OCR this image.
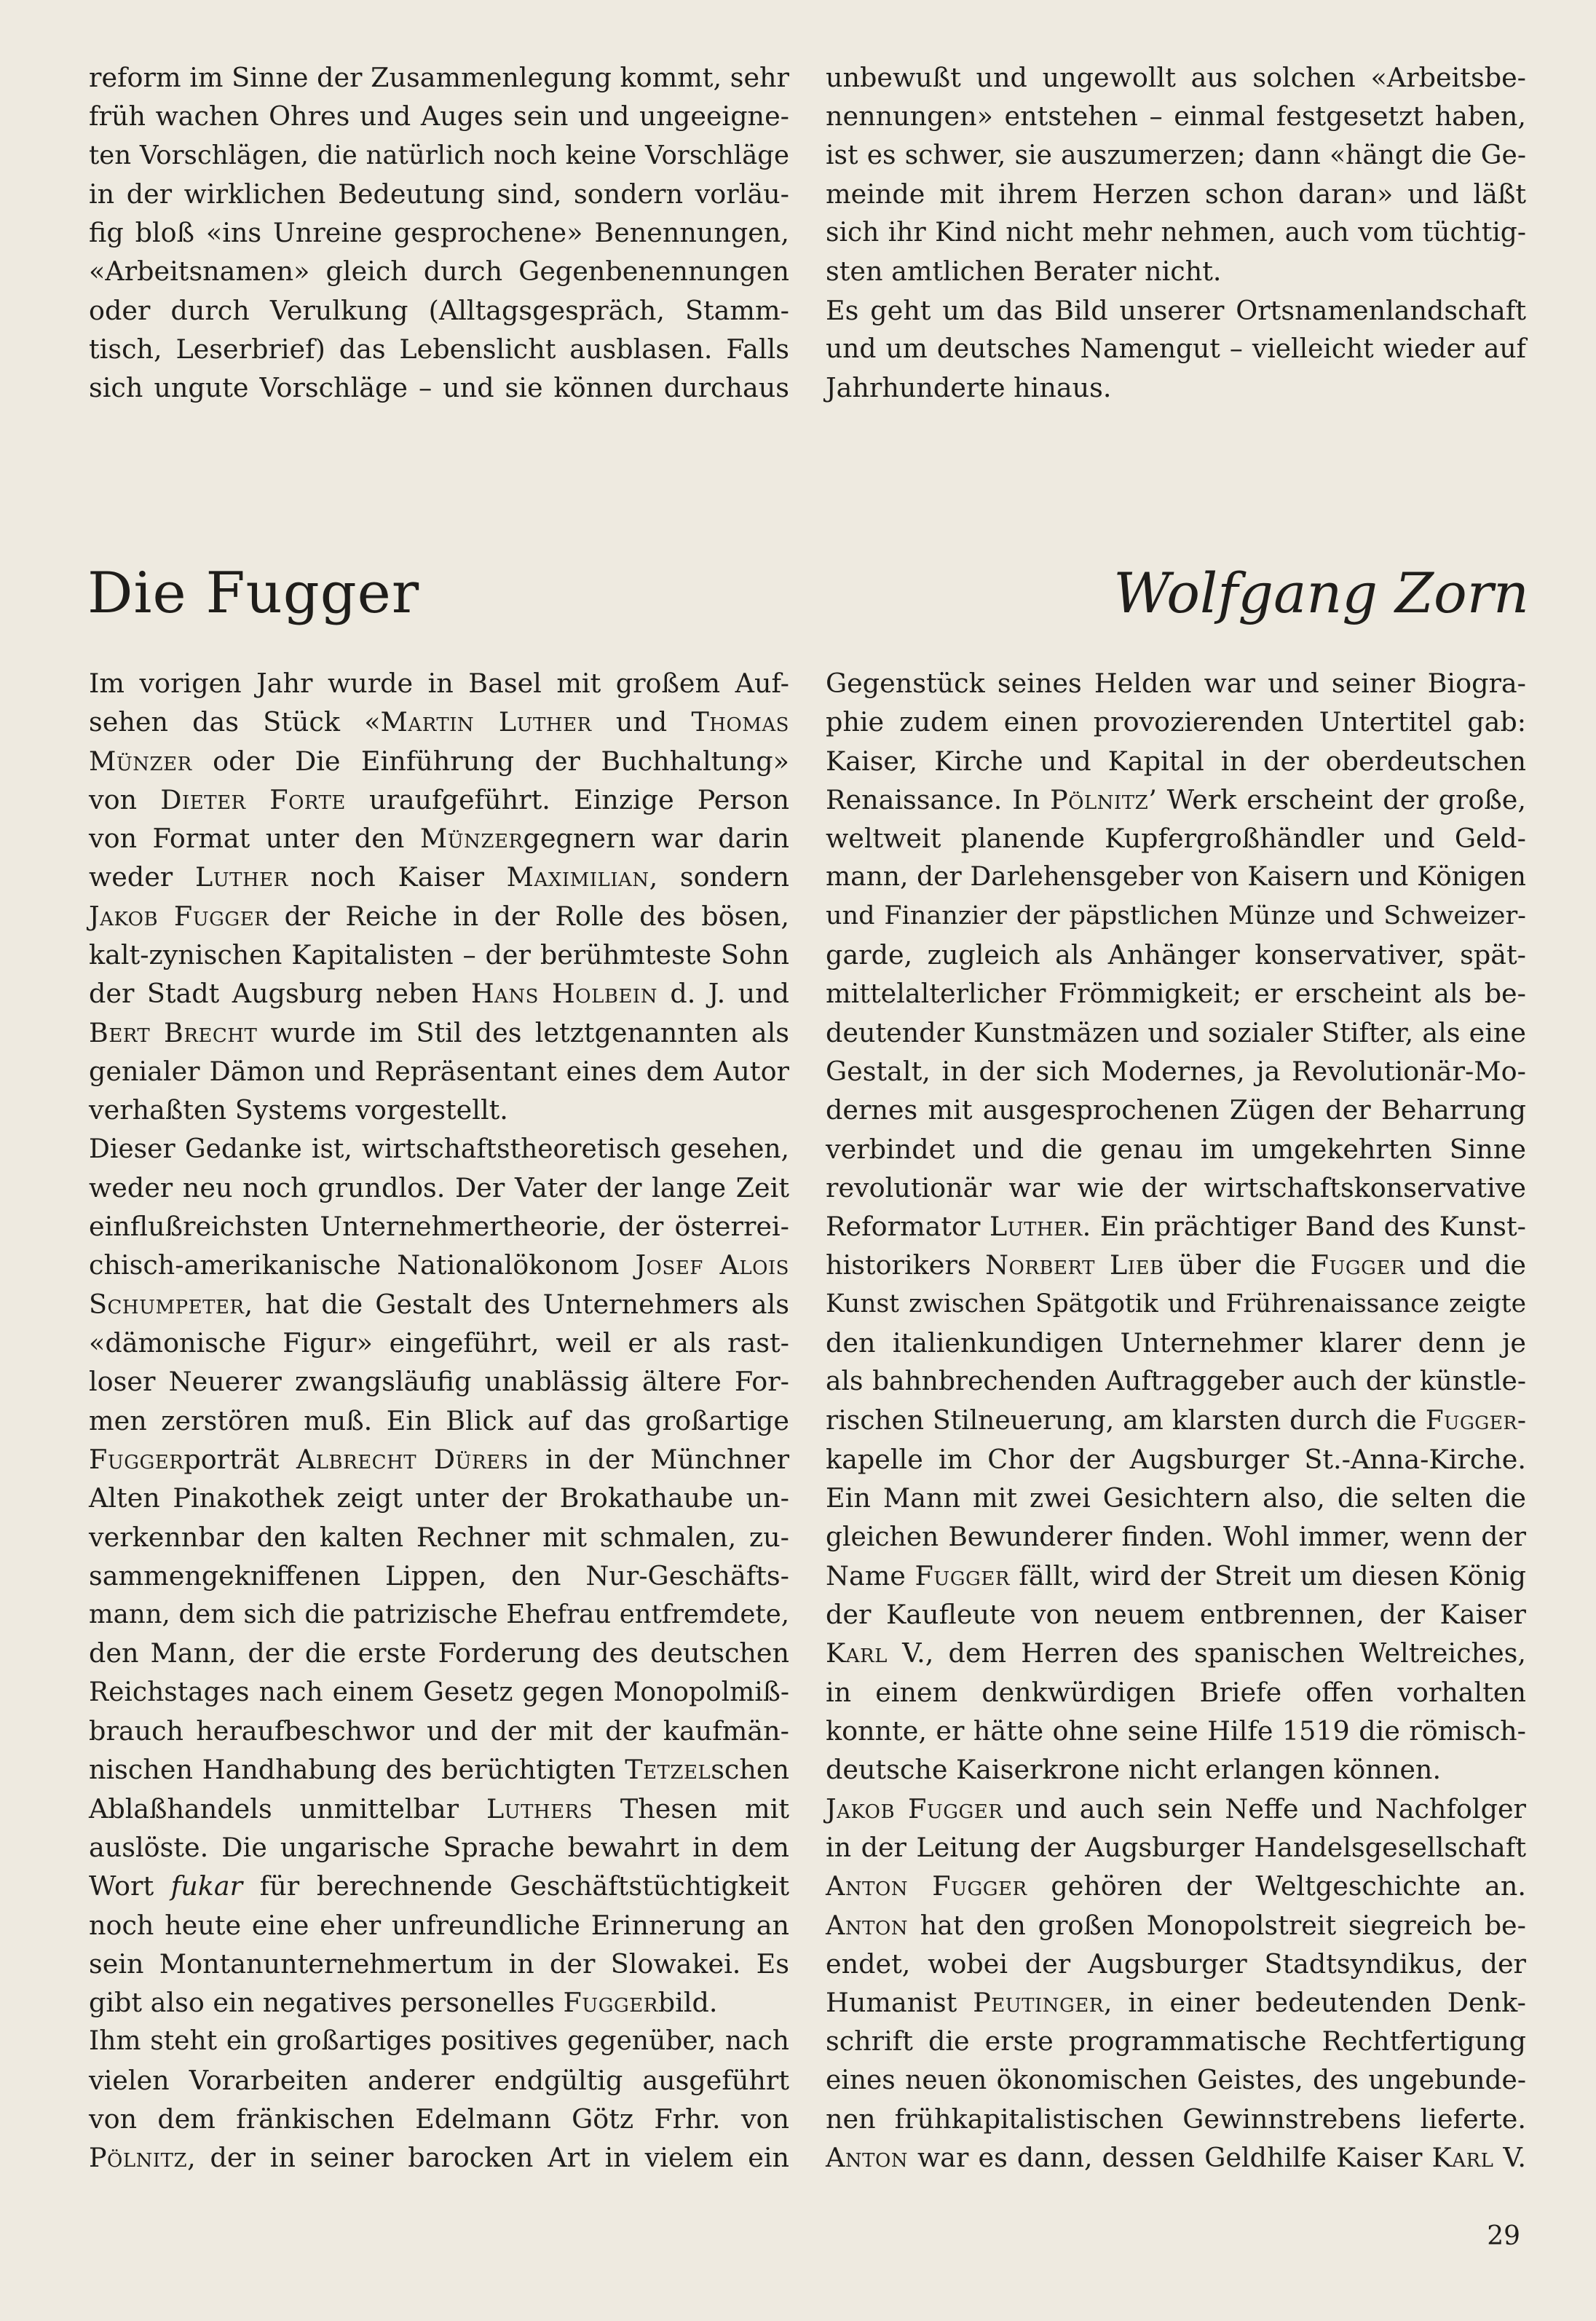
reform im Sinne der Zusammenlegung kommt, sehr
früh wachen Ohres und Auges sein und ungeeigne-
ten Vorschlägen, die natürlich noch keine Vorschläge
in der wirklichen Bedeutung sind, sondern vorläu-
fig bloß «ins Unreine gesprochene» Benennungen,
«Arbeitsnamen» gleich durch Gegenbenennungen
oder durch Verulkung (Alltagsgespräch, Stamm-
tisch, Leserbrief) das Lebenslicht ausblasen. Falls
sich ungute Vorschläge – und sie können durchaus
unbewußt und ungewollt aus solchen «Arbeitsbe-
nennungen» entstehen – einmal festgesetzt haben,
ist es schwer, sie auszumerzen; dann «hängt die Ge-
meinde mit ihrem Herzen schon daran» und läßt
sich ihr Kind nicht mehr nehmen, auch vom tüchtig-
sten amtlichen Berater nicht.
Es geht um das Bild unserer Ortsnamenlandschaft
und um deutsches Namengut – vielleicht wieder auf
Jahrhunderte hinaus.
Die Fugger	Wolfgang Zorn
Im vorigen Jahr wurde in Basel mit großem Auf-
sehen das Stück «Martin Luther und Thomas
Münzer oder Die Einführung der Buchhaltung»
von Dieter Forte uraufgeführt. Einzige Person
von Format unter den Münzergegnern war darin
weder Luther noch Kaiser Maximilian, sondern
Jakob Fugger der Reiche in der Rolle des bösen,
kalt-zynischen Kapitalisten – der berühmteste Sohn
der Stadt Augsburg neben Hans Holbein d. J. und
Bert Brecht wurde im Stil des letztgenannten als
genialer Dämon und Repräsentant eines dem Autor
verhaßten Systems vorgestellt.
Dieser Gedanke ist, wirtschaftstheoretisch gesehen,
weder neu noch grundlos. Der Vater der lange Zeit
einflußreichsten Unternehmertheorie, der österrei-
chisch-amerikanische Nationalökonom Josef Alois
Schumpeter, hat die Gestalt des Unternehmers als
«dämonische Figur» eingeführt, weil er als rast-
loser Neuerer zwangsläufig unablässig ältere For-
men zerstören muß. Ein Blick auf das großartige
Fuggerporträt Albrecht Dürers in der Münchner
Alten Pinakothek zeigt unter der Brokathaube un-
verkennbar den kalten Rechner mit schmalen, zu-
sammengekniffenen Lippen, den Nur-Geschäfts-
mann, dem sich die patrizische Ehefrau entfremdete,
den Mann, der die erste Forderung des deutschen
Reichstages nach einem Gesetz gegen Monopolmiß-
brauch heraufbeschwor und der mit der kaufmän-
nischen Handhabung des berüchtigten Tetzelschen
Ablaßhandels unmittelbar Luthers Thesen mit
auslöste. Die ungarische Sprache bewahrt in dem
Wort fukar für berechnende Geschäftstüchtigkeit
noch heute eine eher unfreundliche Erinnerung an
sein Montanunternehmertum in der Slowakei. Es
gibt also ein negatives personelles Fuggerbild.
Ihm steht ein großartiges positives gegenüber, nach
vielen Vorarbeiten anderer endgültig ausgeführt
von dem fränkischen Edelmann Götz Frhr. von
Pölnitz, der in seiner barocken Art in vielem ein
Gegenstück seines Helden war und seiner Biogra-
phie zudem einen provozierenden Untertitel gab:
Kaiser, Kirche und Kapital in der oberdeutschen
Renaissance. In Pölnitz’ Werk erscheint der große,
weltweit planende Kupfergroßhändler und Geld-
mann, der Darlehensgeber von Kaisern und Königen
und Finanzier der päpstlichen Münze und Schweizer-
garde, zugleich als Anhänger konservativer, spät-
mittelalterlicher Frömmigkeit; er erscheint als be-
deutender Kunstmäzen und sozialer Stifter, als eine
Gestalt, in der sich Modernes, ja Revolutionär-Mo-
dernes mit ausgesprochenen Zügen der Beharrung
verbindet und die genau im umgekehrten Sinne
revolutionär war wie der wirtschaftskonservative
Reformator Luther. Ein prächtiger Band des Kunst-
historikers Norbert Lieb über die Fugger und die
Kunst zwischen Spätgotik und Frührenaissance zeigte
den italienkundigen Unternehmer klarer denn je
als bahnbrechenden Auftraggeber auch der künstle-
rischen Stilneuerung, am klarsten durch die Fugger-
kapelle im Chor der Augsburger St.-Anna-Kirche.
Ein Mann mit zwei Gesichtern also, die selten die
gleichen Bewunderer finden. Wohl immer, wenn der
Name Fugger fällt, wird der Streit um diesen König
der Kaufleute von neuem entbrennen, der Kaiser
Karl V., dem Herren des spanischen Weltreiches,
in einem denkwürdigen Briefe offen vorhalten
konnte, er hätte ohne seine Hilfe 1519 die römisch-
deutsche Kaiserkrone nicht erlangen können.
Jakob Fugger und auch sein Neffe und Nachfolger
in der Leitung der Augsburger Handelsgesellschaft
Anton Fugger gehören der Weltgeschichte an.
Anton hat den großen Monopolstreit siegreich be-
endet, wobei der Augsburger Stadtsyndikus, der
Humanist Peutinger, in einer bedeutenden Denk-
schrift die erste programmatische Rechtfertigung
eines neuen ökonomischen Geistes, des ungebunde-
nen frühkapitalistischen Gewinnstrebens lieferte.
Anton war es dann, dessen Geldhilfe Kaiser Karl V.
29
